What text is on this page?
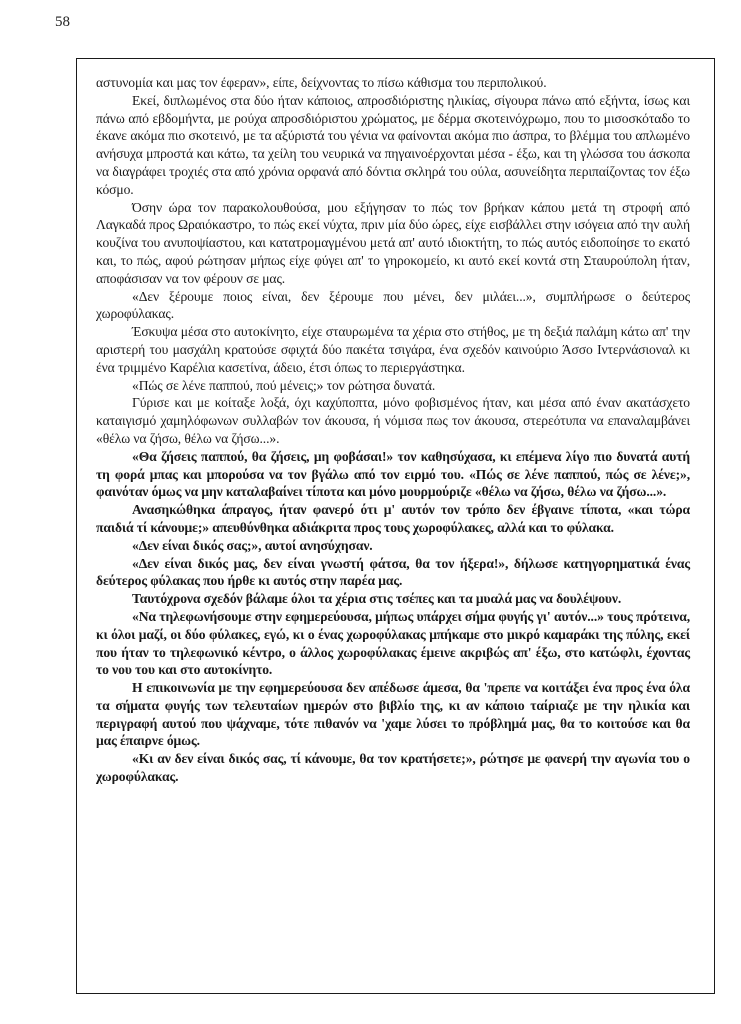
58

αστυνομία και μας τον έφεραν», είπε, δείχνοντας το πίσω κάθισμα του περιπολικού.

Εκεί, διπλωμένος στα δύο ήταν κάποιος, απροσδιόριστης ηλικίας, σίγουρα πάνω από εξήντα, ίσως και πάνω από εβδομήντα, με ρούχα απροσδιόριστου χρώματος, με δέρμα σκοτεινόχρωμο, που το μισοσκόταδο το έκανε ακόμα πιο σκοτεινό, με τα αξύριστά του γένια να φαίνονται ακόμα πιο άσπρα, το βλέμμα του απλωμένο ανήσυχα μπροστά και κάτω, τα χείλη του νευρικά να πηγαινοέρχονται μέσα - έξω, και τη γλώσσα του άσκοπα να διαγράφει τροχιές στα από χρόνια ορφανά από δόντια σκληρά του ούλα, ασυνείδητα περιπαίζοντας τον έξω κόσμο.

Όσην ώρα τον παρακολουθούσα, μου εξήγησαν το πώς τον βρήκαν κάπου μετά τη στροφή από Λαγκαδά προς Ωραιόκαστρο, το πώς εκεί νύχτα, πριν μία δύο ώρες, είχε εισβάλλει στην ισόγεια από την αυλή κουζίνα του ανυποψίαστου, και κατατρομαγμένου μετά απ' αυτό ιδιοκτήτη, το πώς αυτός ειδοποίησε το εκατό και, το πώς, αφού ρώτησαν μήπως είχε φύγει απ' το γηροκομείο, κι αυτό εκεί κοντά στη Σταυρούπολη ήταν, αποφάσισαν να τον φέρουν σε μας.

«Δεν ξέρουμε ποιος είναι, δεν ξέρουμε που μένει, δεν μιλάει...», συμπλήρωσε ο δεύτερος χωροφύλακας.

Έσκυψα μέσα στο αυτοκίνητο, είχε σταυρωμένα τα χέρια στο στήθος, με τη δεξιά παλάμη κάτω απ' την αριστερή του μασχάλη κρατούσε σφιχτά δύο πακέτα τσιγάρα, ένα σχεδόν καινούριο Άσσο Ιντερνάσιοναλ κι ένα τριμμένο Καρέλια κασετίνα, άδειο, έτσι όπως το περιεργάστηκα.

«Πώς σε λένε παππού, πού μένεις;» τον ρώτησα δυνατά.

Γύρισε και με κοίταξε λοξά, όχι καχύποπτα, μόνο φοβισμένος ήταν, και μέσα από έναν ακατάσχετο καταιγισμό χαμηλόφωνων συλλαβών τον άκουσα, ή νόμισα πως τον άκουσα, στερεότυπα να επαναλαμβάνει «θέλω να ζήσω, θέλω να ζήσω...».

«Θα ζήσεις παππού, θα ζήσεις, μη φοβάσαι!» τον καθησύχασα, κι επέμενα λίγο πιο δυνατά αυτή τη φορά μπας και μπορούσα να τον βγάλω από τον ειρμό του. «Πώς σε λένε παππού, πώς σε λένε;», φαινόταν όμως να μην καταλαβαίνει τίποτα και μόνο μουρμούριζε «θέλω να ζήσω, θέλω να ζήσω...».

Ανασηκώθηκα άπραγος, ήταν φανερό ότι μ' αυτόν τον τρόπο δεν έβγαινε τίποτα, «και τώρα παιδιά τί κάνουμε;» απευθύνθηκα αδιάκριτα προς τους χωροφύλακες, αλλά και το φύλακα.

«Δεν είναι δικός σας;», αυτοί ανησύχησαν.

«Δεν είναι δικός μας, δεν είναι γνωστή φάτσα, θα τον ήξερα!», δήλωσε κατηγορηματικά ένας δεύτερος φύλακας που ήρθε κι αυτός στην παρέα μας.

Ταυτόχρονα σχεδόν βάλαμε όλοι τα χέρια στις τσέπες και τα μυαλά μας να δουλέψουν.

«Να τηλεφωνήσουμε στην εφημερεύουσα, μήπως υπάρχει σήμα φυγής γι' αυτόν...» τους πρότεινα, κι όλοι μαζί, οι δύο φύλακες, εγώ, κι ο ένας χωροφύλακας μπήκαμε στο μικρό καμαράκι της πύλης, εκεί που ήταν το τηλεφωνικό κέντρο, ο άλλος χωροφύλακας έμεινε ακριβώς απ' έξω, στο κατώφλι, έχοντας το νου του και στο αυτοκίνητο.

Η επικοινωνία με την εφημερεύουσα δεν απέδωσε άμεσα, θα 'πρεπε να κοιτάξει ένα προς ένα όλα τα σήματα φυγής των τελευταίων ημερών στο βιβλίο της, κι αν κάποιο ταίριαζε με την ηλικία και περιγραφή αυτού που ψάχναμε, τότε πιθανόν να 'χαμε λύσει το πρόβλημά μας, θα το κοιτούσε και θα μας έπαιρνε όμως.

«Κι αν δεν είναι δικός σας, τί κάνουμε, θα τον κρατήσετε;», ρώτησε με φανερή την αγωνία του ο χωροφύλακας.
